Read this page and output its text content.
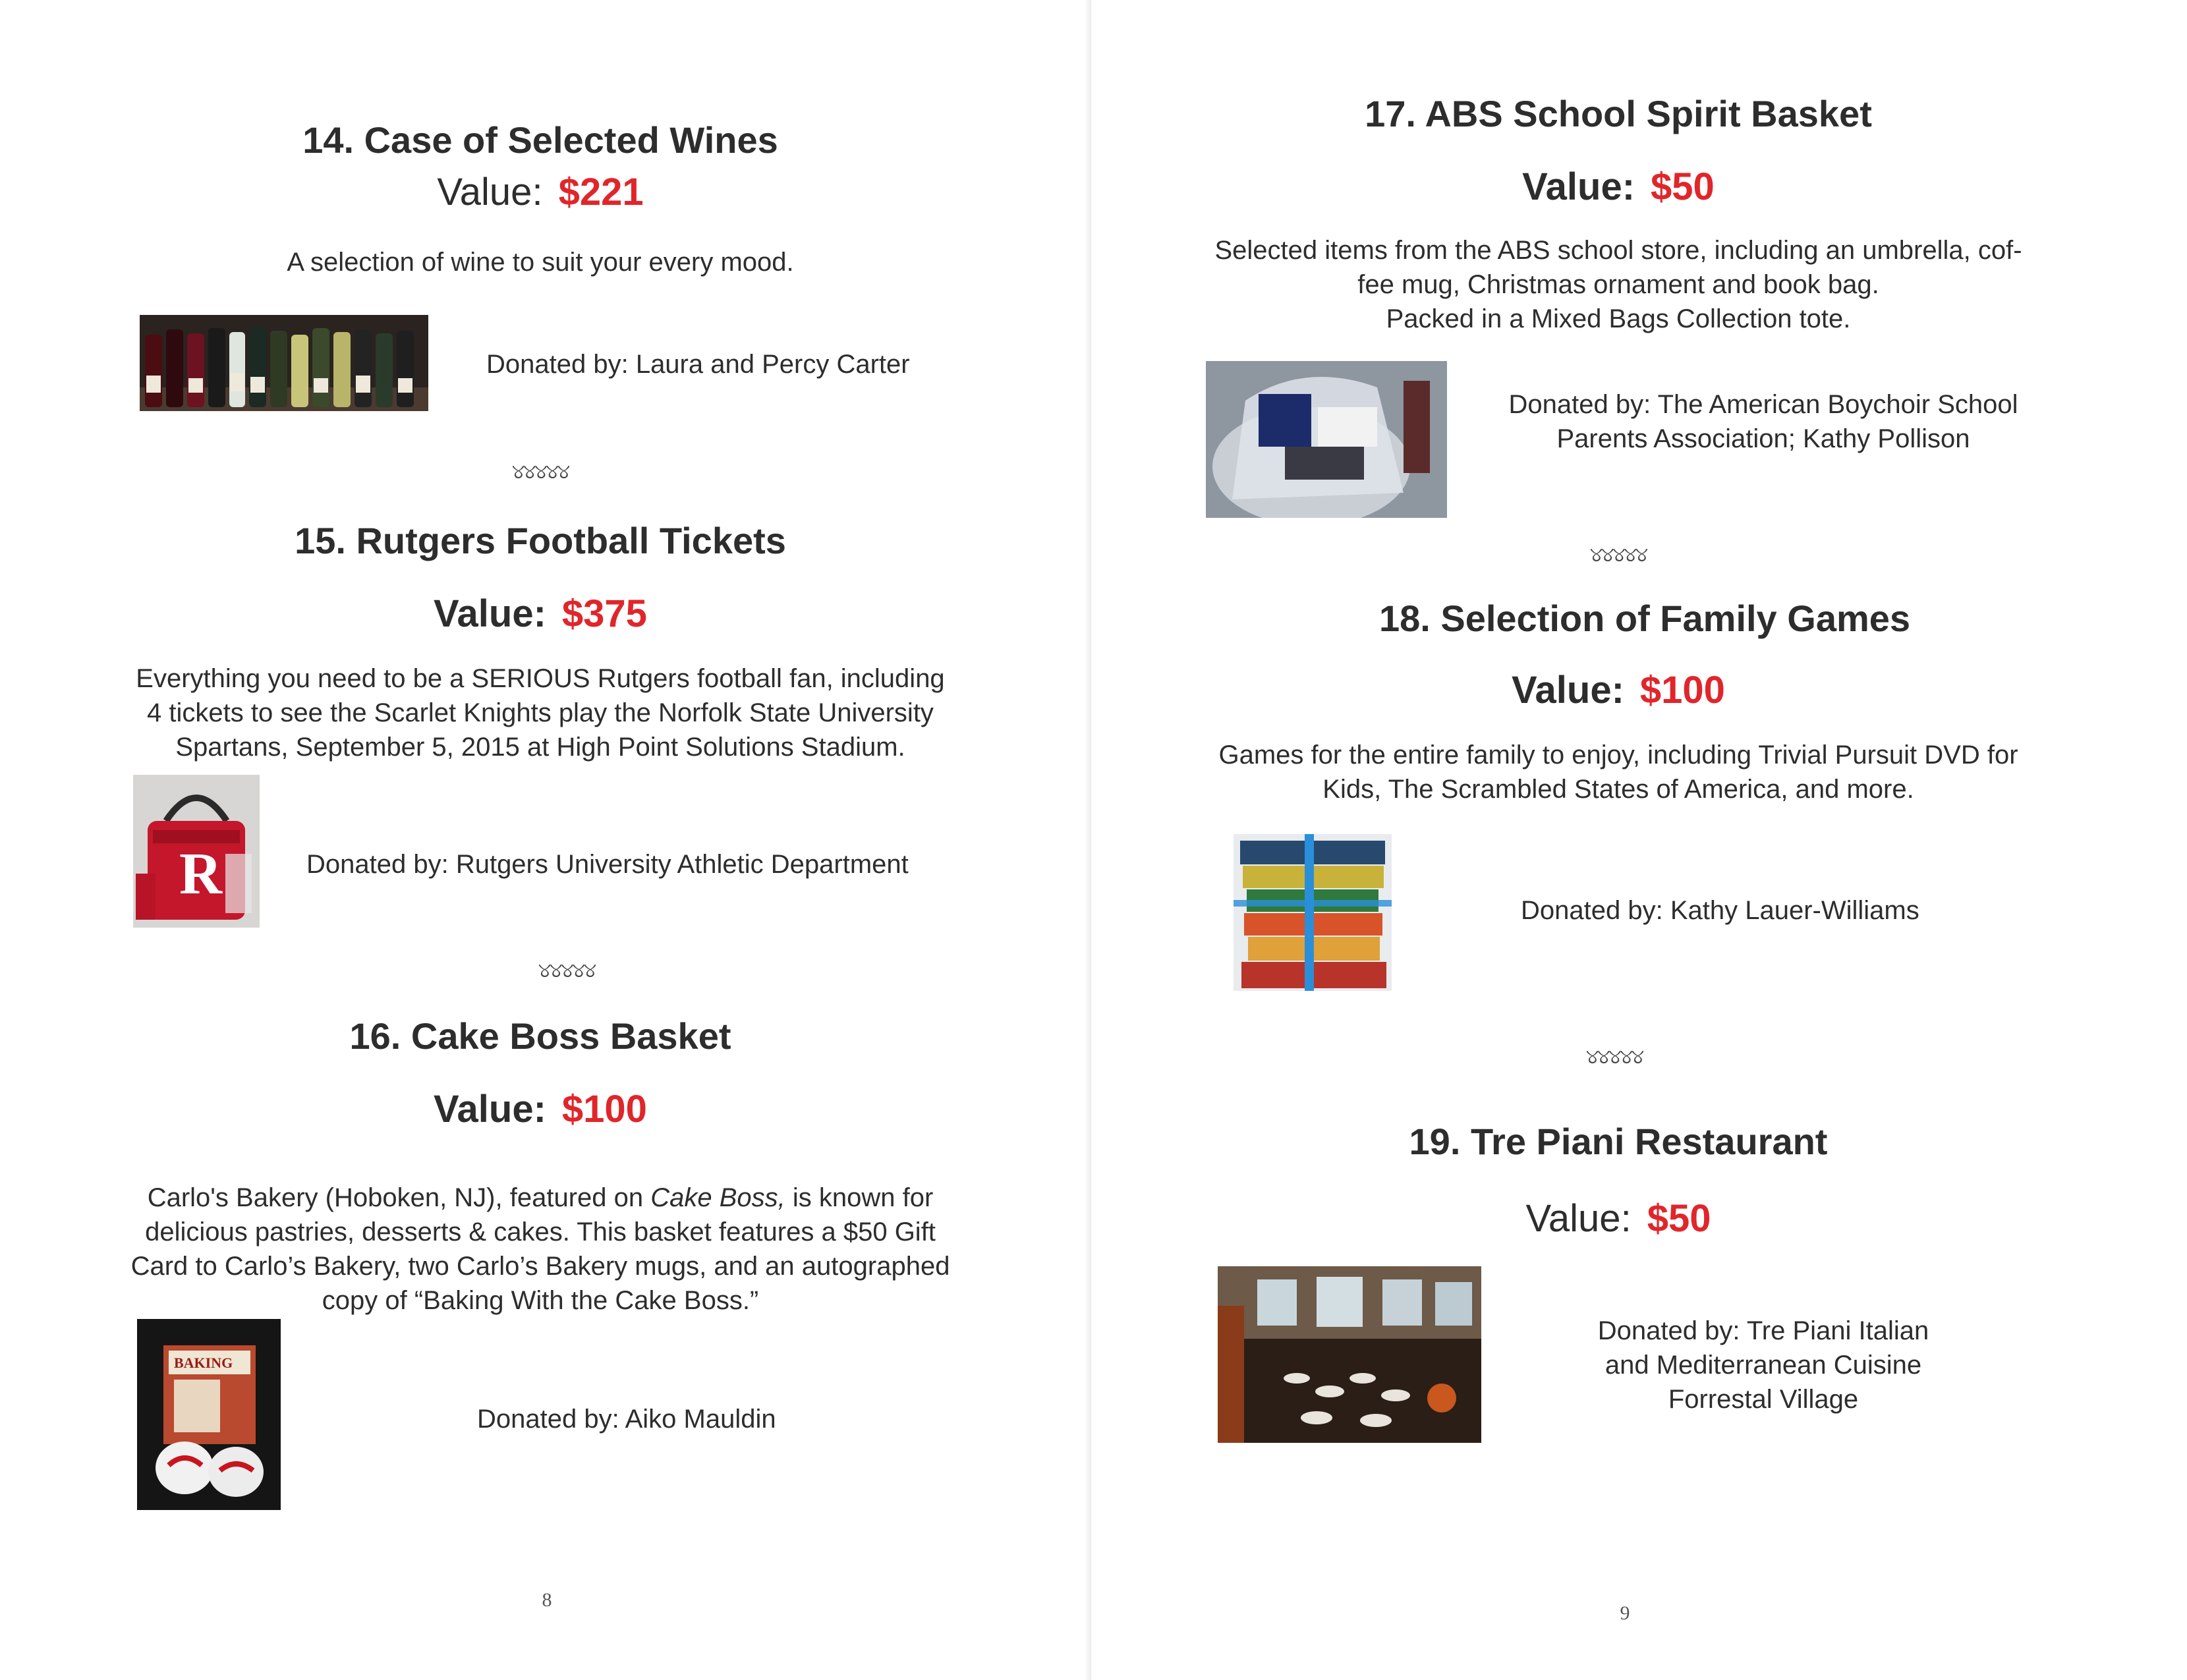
14. Case of Selected Wines
Value: $221
A selection of wine to suit your every mood.
Donated by: Laura and Percy Carter
୪୪୪୪୪
15. Rutgers Football Tickets
Value: $375
Everything you need to be a SERIOUS Rutgers football fan, including
4 tickets to see the Scarlet Knights play the Norfolk State University
Spartans, September 5, 2015 at High Point Solutions Stadium.
R	Donated by: Rutgers University Athletic Department
୪୪୪୪୪
16. Cake Boss Basket
Value: $100
Carlo's Bakery (Hoboken, NJ), featured on Cake Boss, is known for
delicious pastries, desserts & cakes. This basket features a $50 Gift
Card to Carlo’s Bakery, two Carlo’s Bakery mugs, and an autographed
copy of “Baking With the Cake Boss.”
BAKING
Donated by: Aiko Mauldin
8
17. ABS School Spirit Basket
Value: $50
Selected items from the ABS school store, including an umbrella, cof-
fee mug, Christmas ornament and book bag.
Packed in a Mixed Bags Collection tote.
Donated by: The American Boychoir School
Parents Association; Kathy Pollison
୪୪୪୪୪
18. Selection of Family Games
Value: $100
Games for the entire family to enjoy, including Trivial Pursuit DVD for
Kids, The Scrambled States of America, and more.
Donated by: Kathy Lauer-Williams
୪୪୪୪୪
19. Tre Piani Restaurant
Value: $50
Donated by: Tre Piani Italian
and Mediterranean Cuisine
Forrestal Village
9
